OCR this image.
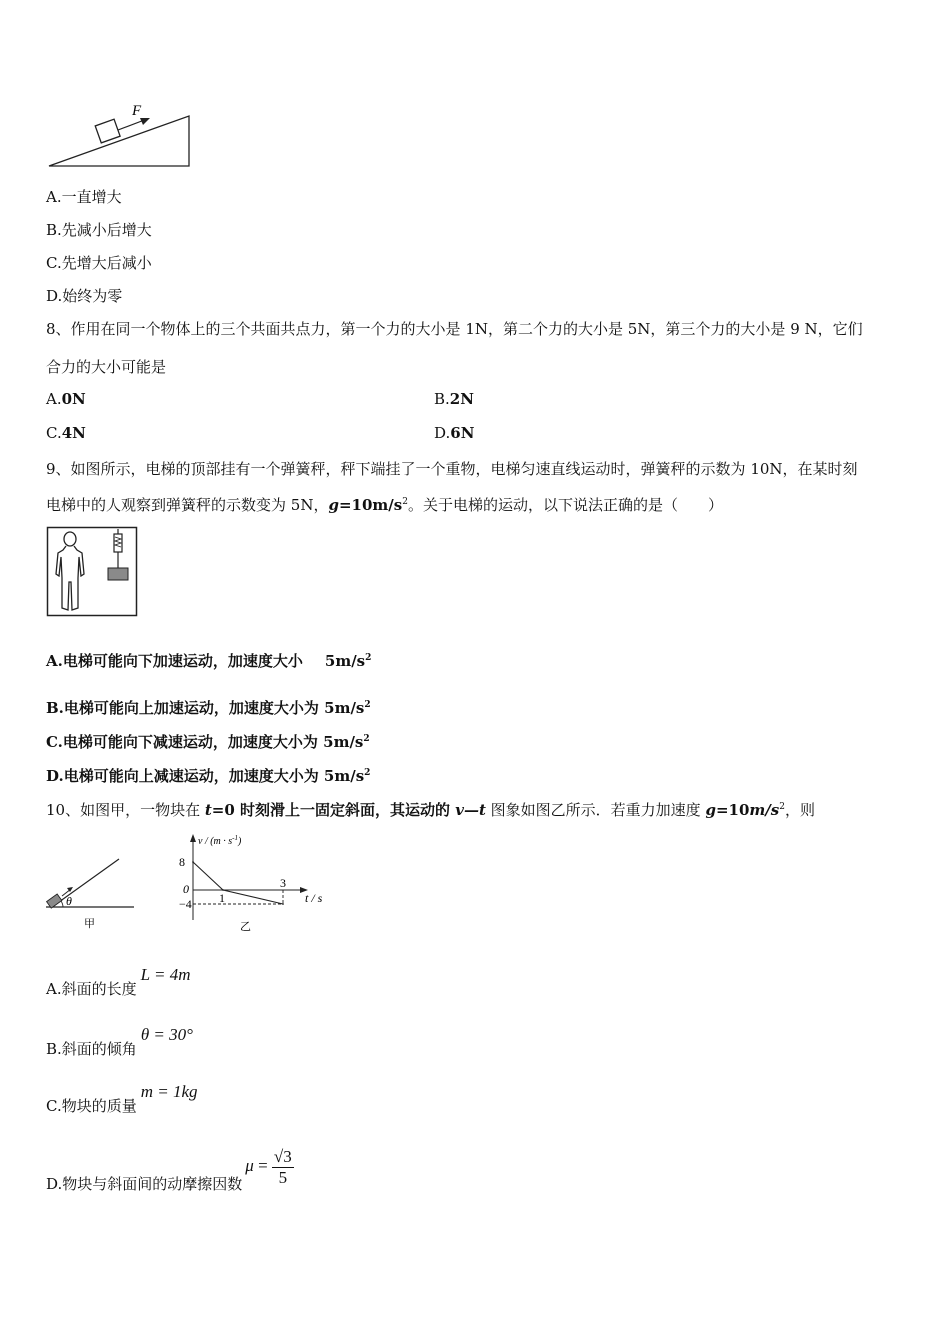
F
A.一直增大
B.先减小后增大
C.先增大后减小
D.始终为零
8、作用在同一个物体上的三个共面共点力，第一个力的大小是 1N，第二个力的大小是 5N，第三个力的大小是 9 N，它们
合力的大小可能是
A.0N	B.2N
C.4N	D.6N
9、如图所示，电梯的顶部挂有一个弹簧秤，秤下端挂了一个重物，电梯匀速直线运动时，弹簧秤的示数为 10N，在某时刻
电梯中的人观察到弹簧秤的示数变为 5N，$g=10m/s^2$。关于电梯的运动，以下说法正确的是（　　）
A.电梯可能向下加速运动，加速度大小 $5m/s^2$
B.电梯可能向上加速运动，加速度大小为 $5m/s^2$
C.电梯可能向下减速运动，加速度大小为 $5m/s^2$
D.电梯可能向上减速运动，加速度大小为 $5m/s^2$
10、如图甲，一物块在 t=0 时刻滑上一固定斜面，其运动的 v—t 图象如图乙所示．若重力加速度 $g=10m/s^2$，则
θ
甲
$v / (m \cdot s^{-1})$
t / s
0
8
−4 1
3
乙
A.斜面的长度L = 4m
B.斜面的倾角θ = 30°
C.物块的质量m = 1kg
D.物块与斜面间的动摩擦因数$\mu = \frac{√3}{5}$
